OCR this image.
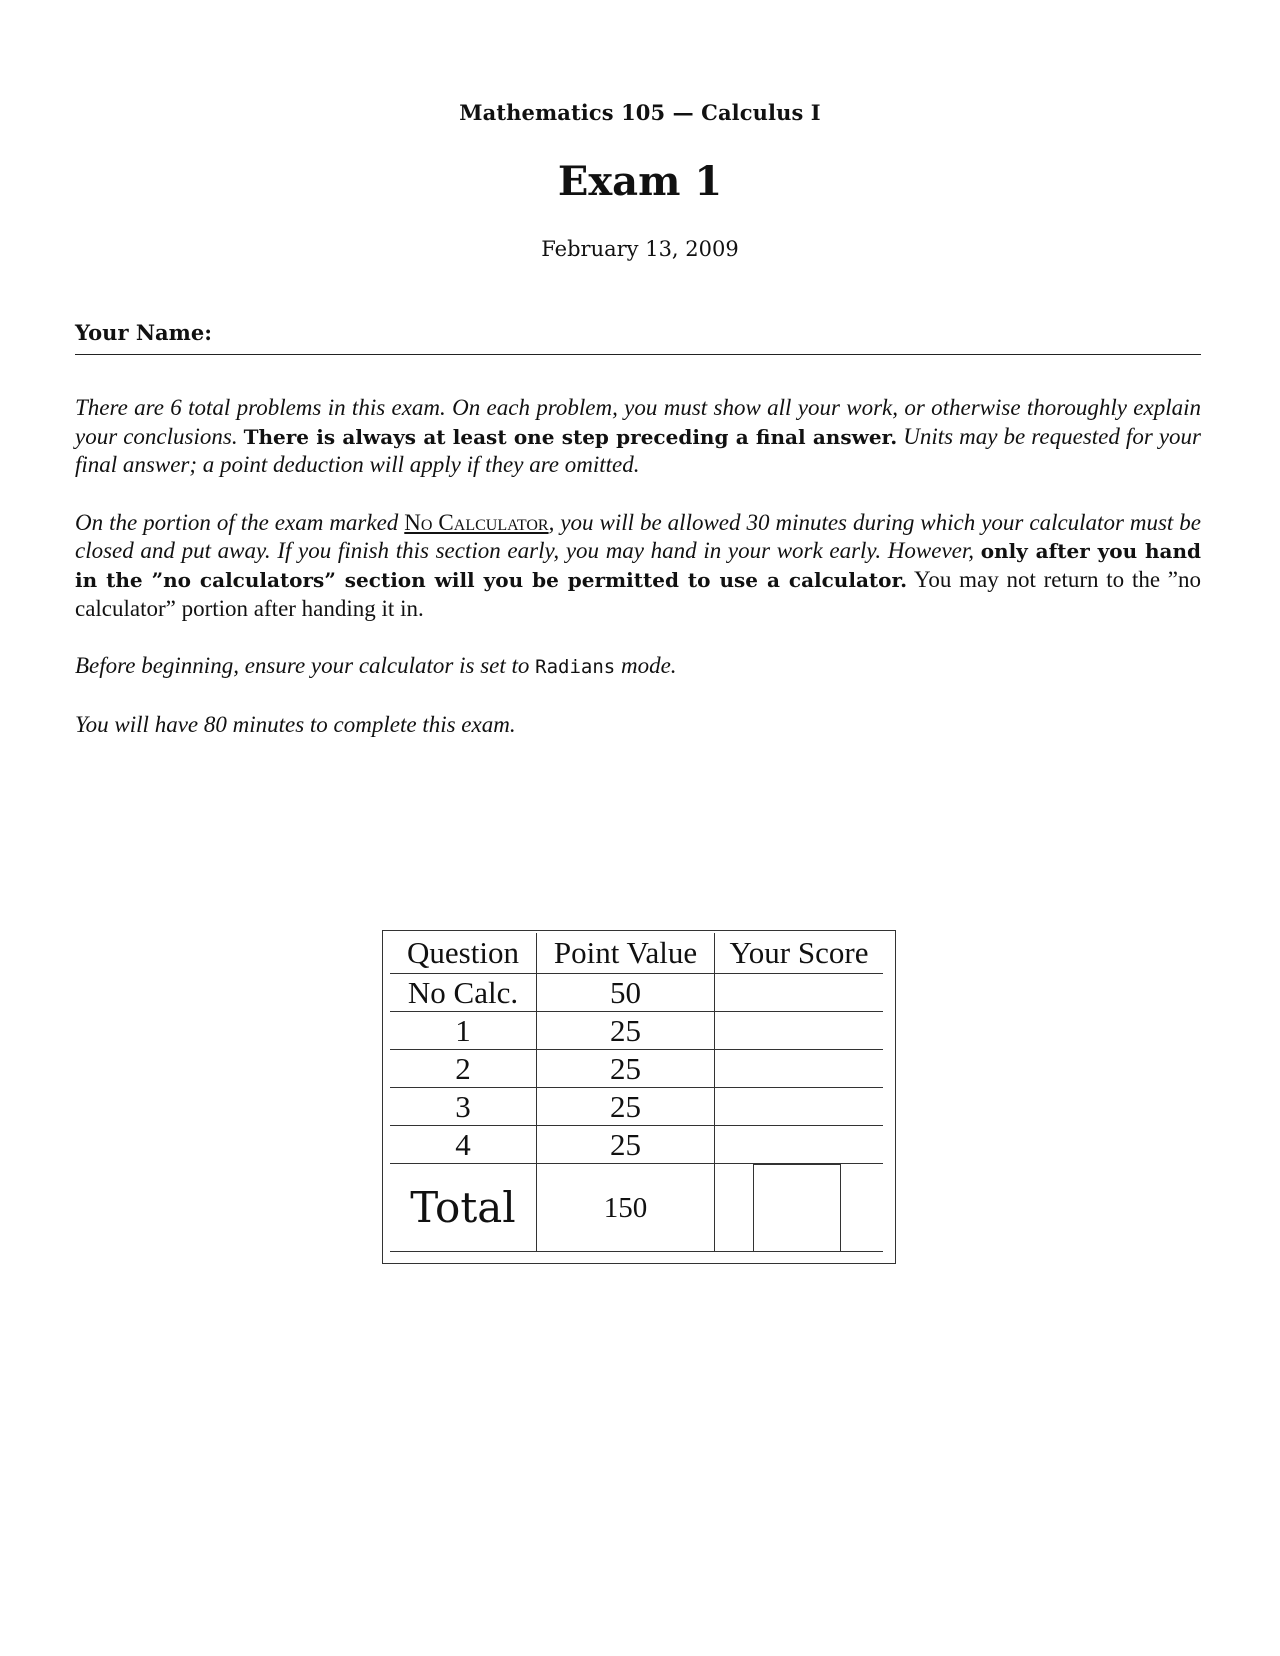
Mathematics 105 — Calculus I
Exam 1
February 13, 2009
Your Name:

There are 6 total problems in this exam. On each problem, you must show all your work, or otherwise thoroughly explain your conclusions. There is always at least one step preceding a final answer. Units may be requested for your final answer; a point deduction will apply if they are omitted.

On the portion of the exam marked No Calculator, you will be allowed 30 minutes during which your calculator must be closed and put away. If you finish this section early, you may hand in your work early. However, only after you hand in the ”no calculators” section will you be permitted to use a calculator. You may not return to the ”no calculator” portion after handing it in.

Before beginning, ensure your calculator is set to Radians mode.

You will have 80 minutes to complete this exam.

Question	Point Value	Your Score
No Calc.	50	
1	25	
2	25	
3	25	
4	25	
Total	150	
